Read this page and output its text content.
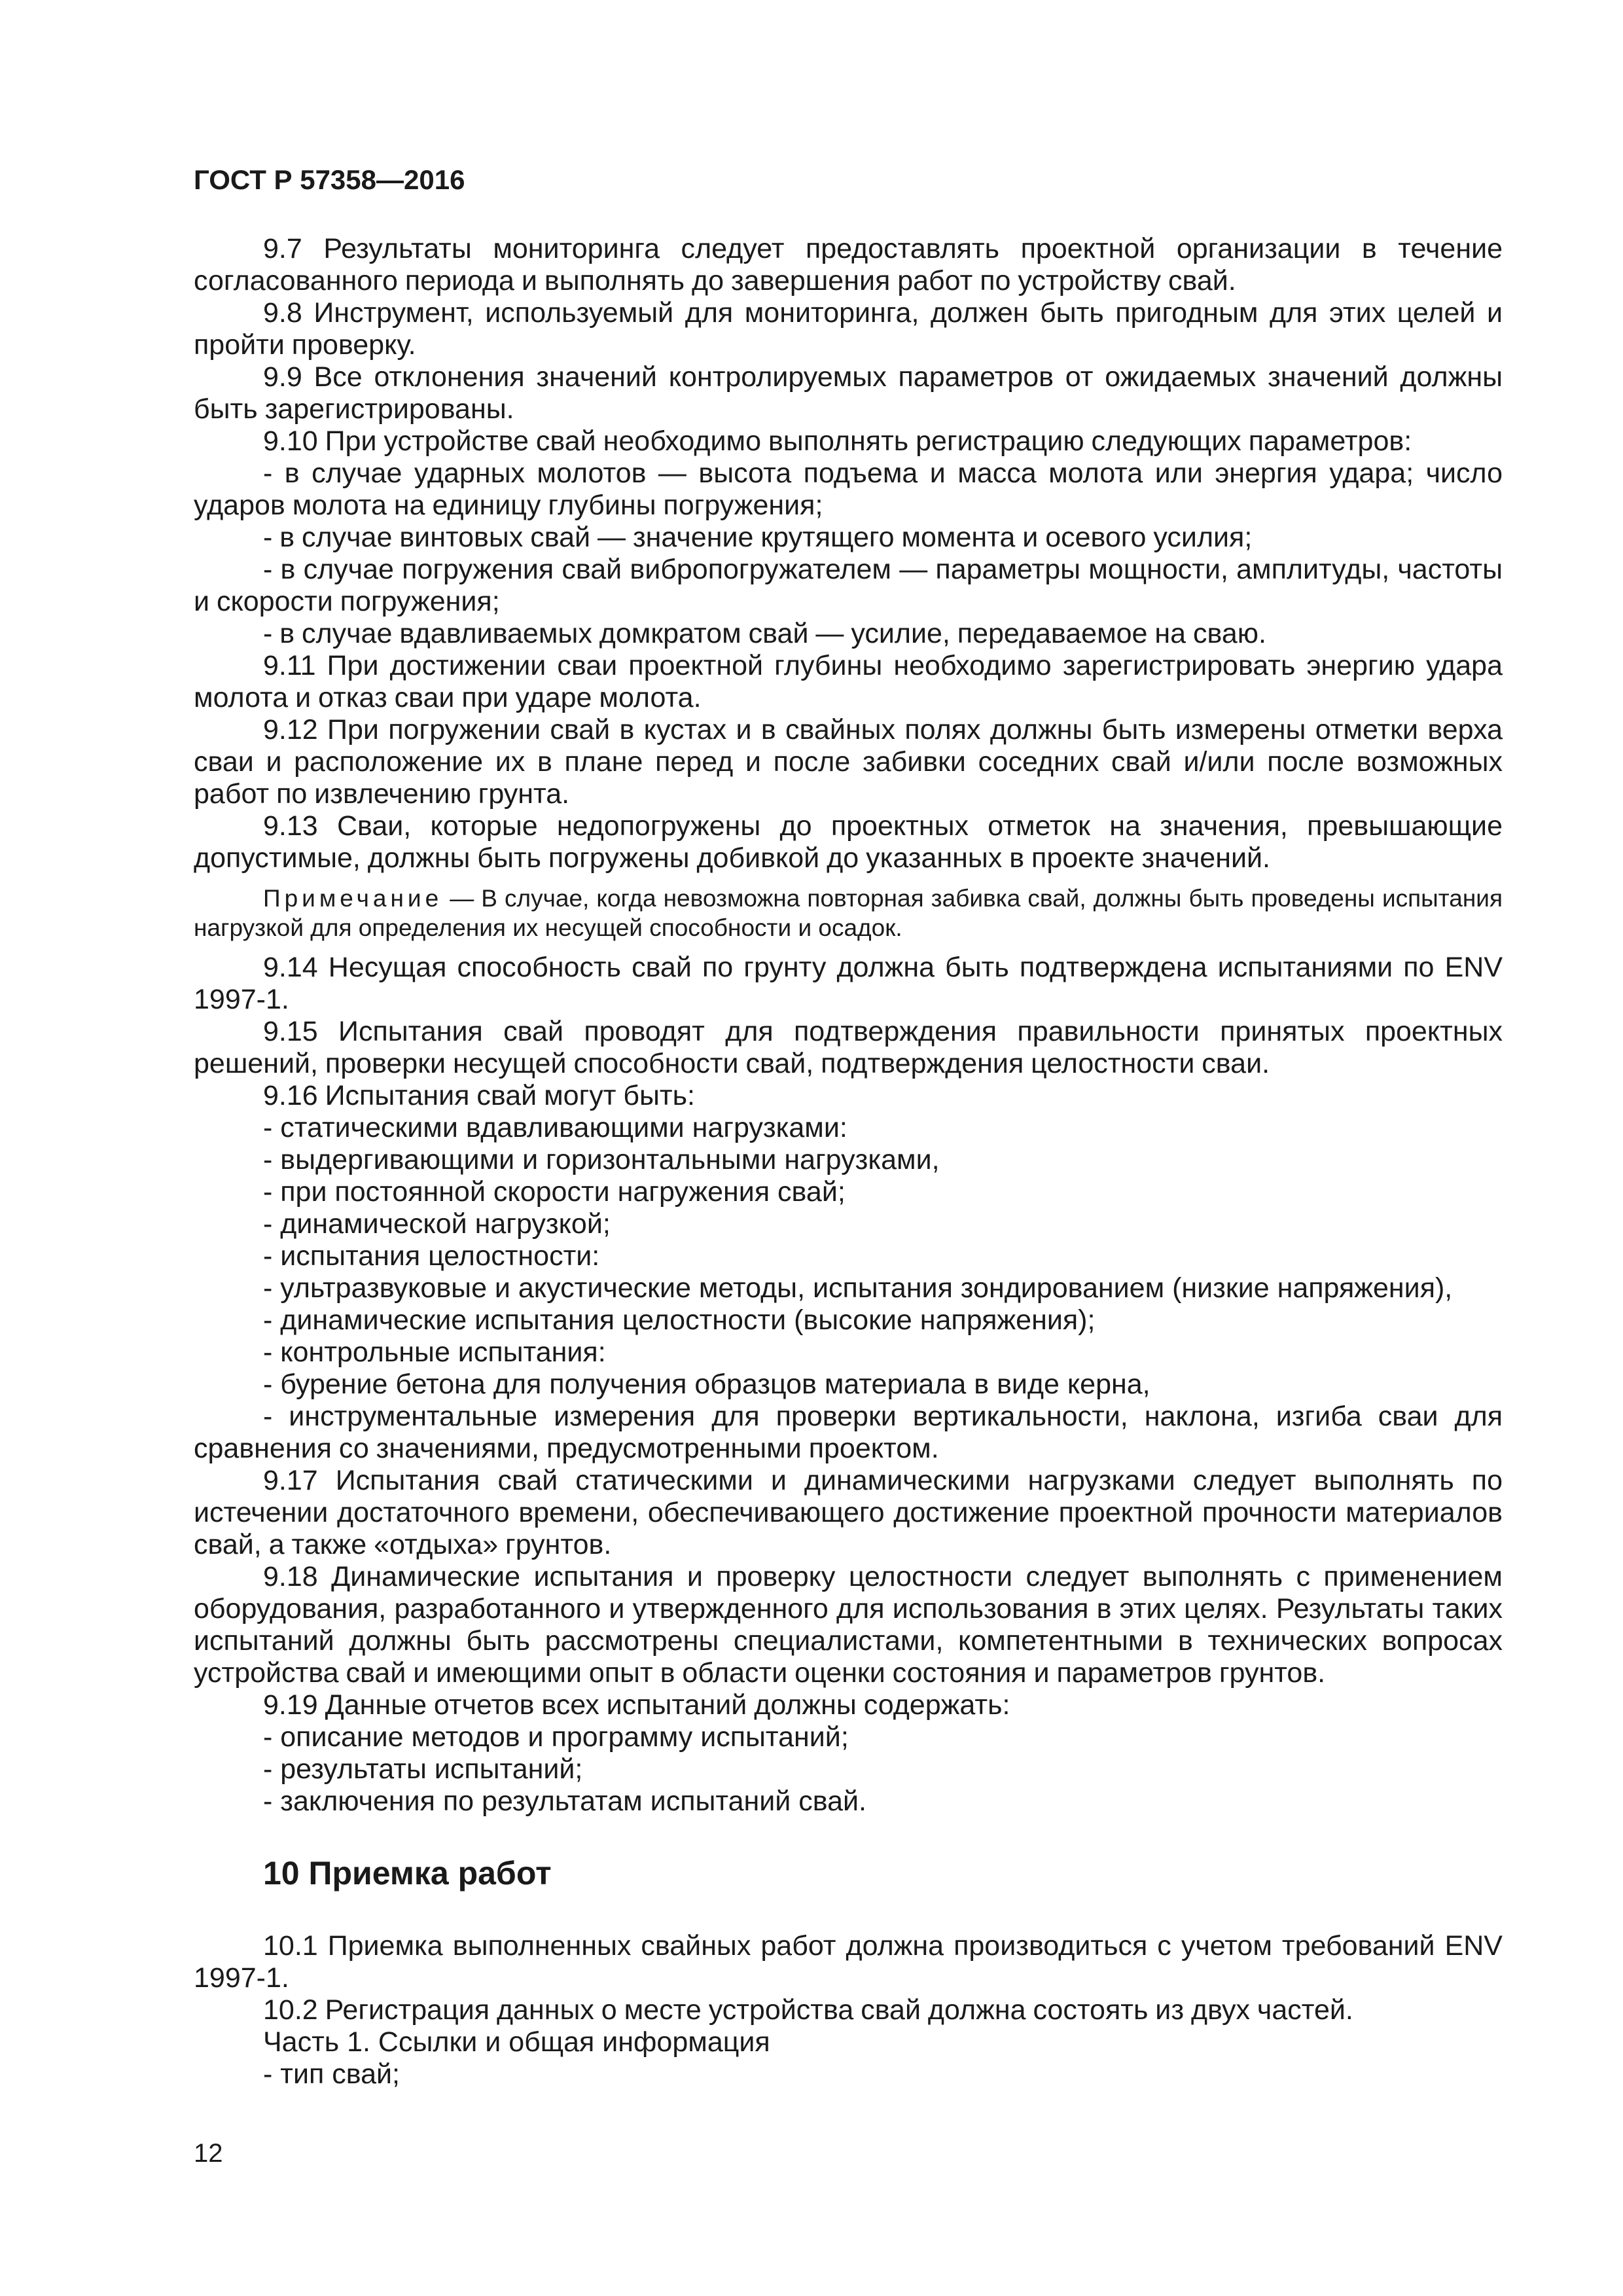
ГОСТ Р 57358—2016
9.7 Результаты мониторинга следует предоставлять проектной организации в течение согласованного периода и выполнять до завершения работ по устройству свай.
9.8 Инструмент, используемый для мониторинга, должен быть пригодным для этих целей и пройти проверку.
9.9 Все отклонения значений контролируемых параметров от ожидаемых значений должны быть зарегистрированы.
9.10 При устройстве свай необходимо выполнять регистрацию следующих параметров:
- в случае ударных молотов — высота подъема и масса молота или энергия удара; число ударов молота на единицу глубины погружения;
- в случае винтовых свай — значение крутящего момента и осевого усилия;
- в случае погружения свай вибропогружателем — параметры мощности, амплитуды, частоты и скорости погружения;
- в случае вдавливаемых домкратом свай — усилие, передаваемое на сваю.
9.11 При достижении сваи проектной глубины необходимо зарегистрировать энергию удара молота и отказ сваи при ударе молота.
9.12 При погружении свай в кустах и в свайных полях должны быть измерены отметки верха сваи и расположение их в плане перед и после забивки соседних свай и/или после возможных работ по извлечению грунта.
9.13 Сваи, которые недопогружены до проектных отметок на значения, превышающие допустимые, должны быть погружены добивкой до указанных в проекте значений.
Примечание — В случае, когда невозможна повторная забивка свай, должны быть проведены испытания нагрузкой для определения их несущей способности и осадок.
9.14 Несущая способность свай по грунту должна быть подтверждена испытаниями по ENV 1997-1.
9.15 Испытания свай проводят для подтверждения правильности принятых проектных решений, проверки несущей способности свай, подтверждения целостности сваи.
9.16 Испытания свай могут быть:
- статическими вдавливающими нагрузками:
- выдергивающими и горизонтальными нагрузками,
- при постоянной скорости нагружения свай;
- динамической нагрузкой;
- испытания целостности:
- ультразвуковые и акустические методы, испытания зондированием (низкие напряжения),
- динамические испытания целостности (высокие напряжения);
- контрольные испытания:
- бурение бетона для получения образцов материала в виде керна,
- инструментальные измерения для проверки вертикальности, наклона, изгиба сваи для сравнения со значениями, предусмотренными проектом.
9.17 Испытания свай статическими и динамическими нагрузками следует выполнять по истечении достаточного времени, обеспечивающего достижение проектной прочности материалов свай, а также «отдыха» грунтов.
9.18 Динамические испытания и проверку целостности следует выполнять с применением оборудования, разработанного и утвержденного для использования в этих целях. Результаты таких испытаний должны быть рассмотрены специалистами, компетентными в технических вопросах устройства свай и имеющими опыт в области оценки состояния и параметров грунтов.
9.19 Данные отчетов всех испытаний должны содержать:
- описание методов и программу испытаний;
- результаты испытаний;
- заключения по результатам испытаний свай.
10 Приемка работ
10.1 Приемка выполненных свайных работ должна производиться с учетом требований ENV 1997-1.
10.2 Регистрация данных о месте устройства свай должна состоять из двух частей.
Часть 1. Ссылки и общая информация
- тип свай;
12
